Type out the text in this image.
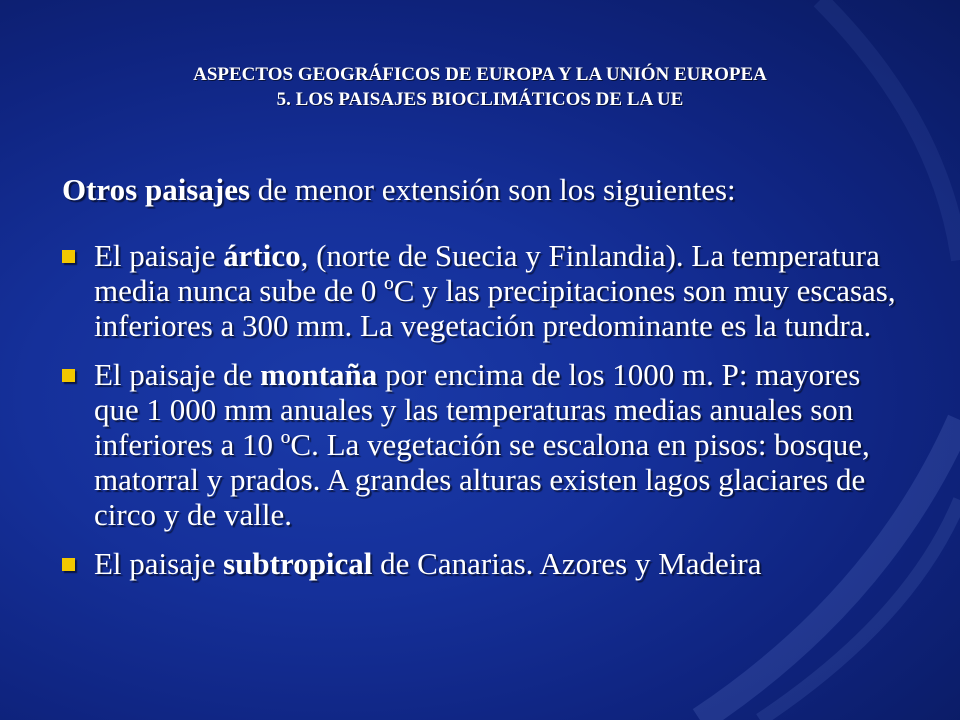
ASPECTOS GEOGRÁFICOS DE EUROPA Y LA UNIÓN EUROPEA
5. LOS PAISAJES BIOCLIMÁTICOS DE LA UE
Otros paisajes de menor extensión son los siguientes:
El paisaje ártico, (norte de Suecia y Finlandia). La temperatura media nunca sube de 0 ºC y las precipitaciones son muy escasas, inferiores a 300 mm. La vegetación predominante es la tundra.
El paisaje de montaña por encima de los 1000 m. P: mayores que 1 000 mm anuales y las temperaturas medias anuales son inferiores a 10 ºC. La vegetación se escalona en pisos: bosque, matorral y prados. A grandes alturas existen lagos glaciares de circo y de valle.
El paisaje subtropical de Canarias. Azores y Madeira
